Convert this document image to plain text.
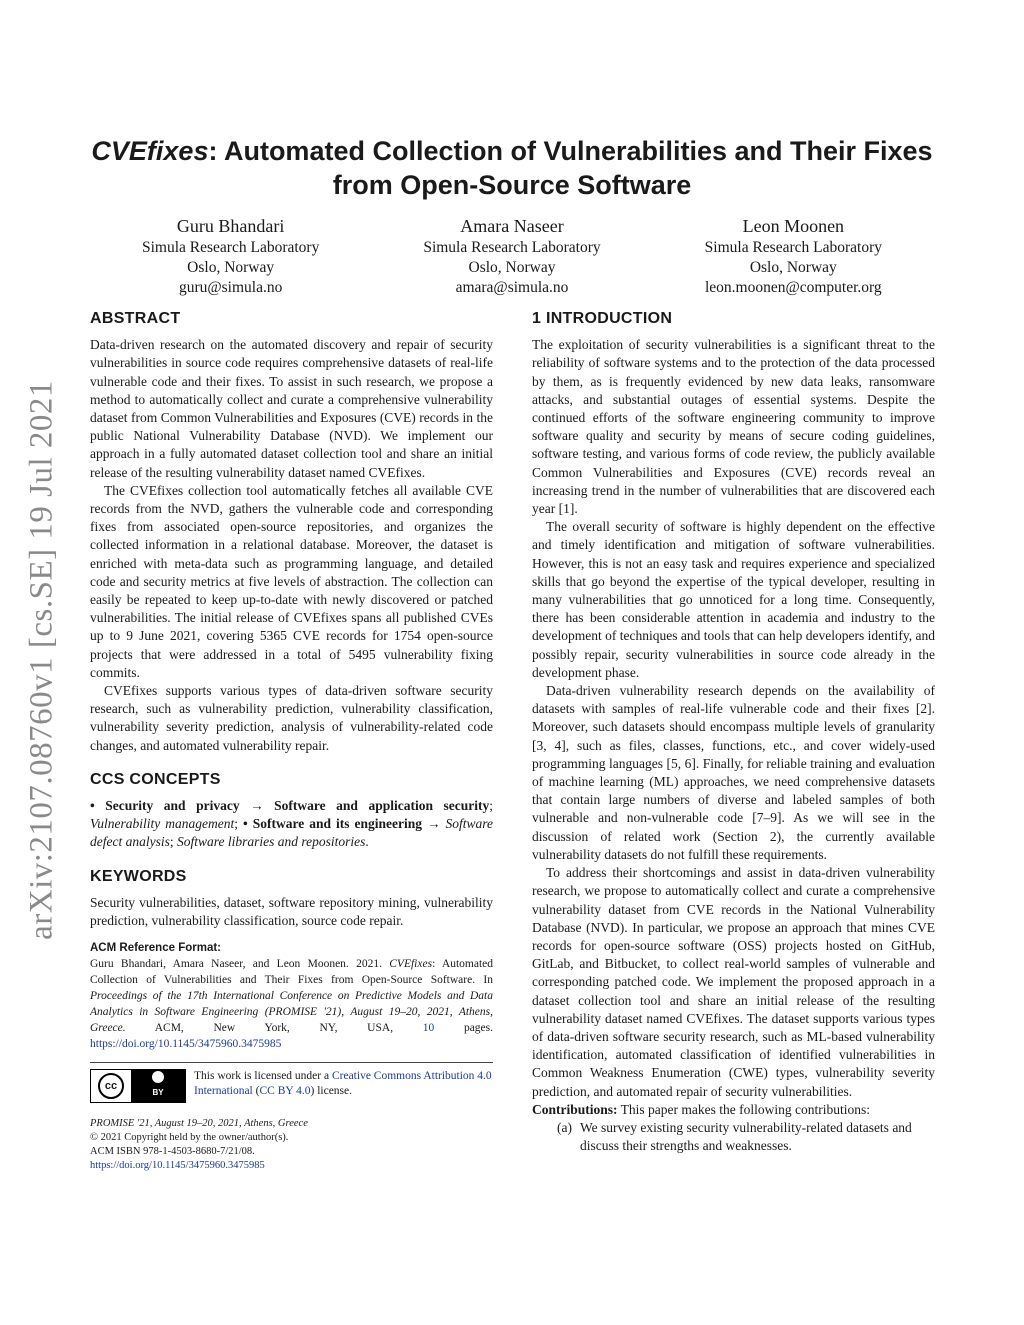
arXiv:2107.08760v1 [cs.SE] 19 Jul 2021
CVEfixes: Automated Collection of Vulnerabilities and Their Fixes from Open-Source Software
Guru Bhandari
Simula Research Laboratory
Oslo, Norway
guru@simula.no
Amara Naseer
Simula Research Laboratory
Oslo, Norway
amara@simula.no
Leon Moonen
Simula Research Laboratory
Oslo, Norway
leon.moonen@computer.org
ABSTRACT

Data-driven research on the automated discovery and repair of security vulnerabilities in source code requires comprehensive datasets of real-life vulnerable code and their fixes. To assist in such research, we propose a method to automatically collect and curate a comprehensive vulnerability dataset from Common Vulnerabilities and Exposures (CVE) records in the public National Vulnerability Database (NVD). We implement our approach in a fully automated dataset collection tool and share an initial release of the resulting vulnerability dataset named CVEfixes.

The CVEfixes collection tool automatically fetches all available CVE records from the NVD, gathers the vulnerable code and corresponding fixes from associated open-source repositories, and organizes the collected information in a relational database. Moreover, the dataset is enriched with meta-data such as programming language, and detailed code and security metrics at five levels of abstraction. The collection can easily be repeated to keep up-to-date with newly discovered or patched vulnerabilities. The initial release of CVEfixes spans all published CVEs up to 9 June 2021, covering 5365 CVE records for 1754 open-source projects that were addressed in a total of 5495 vulnerability fixing commits.

CVEfixes supports various types of data-driven software security research, such as vulnerability prediction, vulnerability classification, vulnerability severity prediction, analysis of vulnerability-related code changes, and automated vulnerability repair.

CCS CONCEPTS

• Security and privacy → Software and application security; Vulnerability management; • Software and its engineering → Software defect analysis; Software libraries and repositories.

KEYWORDS

Security vulnerabilities, dataset, software repository mining, vulnerability prediction, vulnerability classification, source code repair.

ACM Reference Format:

Guru Bhandari, Amara Naseer, and Leon Moonen. 2021. CVEfixes: Automated Collection of Vulnerabilities and Their Fixes from Open-Source Software. In Proceedings of the 17th International Conference on Predictive Models and Data Analytics in Software Engineering (PROMISE '21), August 19–20, 2021, Athens, Greece.	ACM, New York, NY, USA,	10	pages. https://doi.org/10.1145/3475960.3475985

cc	BY
This work is licensed under a Creative Commons Attribution 4.0 International (CC BY 4.0) license.
PROMISE '21, August 19–20, 2021, Athens, Greece
© 2021 Copyright held by the owner/author(s).
ACM ISBN 978-1-4503-8680-7/21/08.
https://doi.org/10.1145/3475960.3475985
1 INTRODUCTION

The exploitation of security vulnerabilities is a significant threat to the reliability of software systems and to the protection of the data processed by them, as is frequently evidenced by new data leaks, ransomware attacks, and substantial outages of essential systems. Despite the continued efforts of the software engineering community to improve software quality and security by means of secure coding guidelines, software testing, and various forms of code review, the publicly available Common Vulnerabilities and Exposures (CVE) records reveal an increasing trend in the number of vulnerabilities that are discovered each year [1].

The overall security of software is highly dependent on the effective and timely identification and mitigation of software vulnerabilities. However, this is not an easy task and requires experience and specialized skills that go beyond the expertise of the typical developer, resulting in many vulnerabilities that go unnoticed for a long time. Consequently, there has been considerable attention in academia and industry to the development of techniques and tools that can help developers identify, and possibly repair, security vulnerabilities in source code already in the development phase.

Data-driven vulnerability research depends on the availability of datasets with samples of real-life vulnerable code and their fixes [2]. Moreover, such datasets should encompass multiple levels of granularity [3, 4], such as files, classes, functions, etc., and cover widely-used programming languages [5, 6]. Finally, for reliable training and evaluation of machine learning (ML) approaches, we need comprehensive datasets that contain large numbers of diverse and labeled samples of both vulnerable and non-vulnerable code [7–9]. As we will see in the discussion of related work (Section 2), the currently available vulnerability datasets do not fulfill these requirements.

To address their shortcomings and assist in data-driven vulnerability research, we propose to automatically collect and curate a comprehensive vulnerability dataset from CVE records in the National Vulnerability Database (NVD). In particular, we propose an approach that mines CVE records for open-source software (OSS) projects hosted on GitHub, GitLab, and Bitbucket, to collect real-world samples of vulnerable and corresponding patched code. We implement the proposed approach in a dataset collection tool and share an initial release of the resulting vulnerability dataset named CVEfixes. The dataset supports various types of data-driven software security research, such as ML-based vulnerability identification, automated classification of identified vulnerabilities in Common Weakness Enumeration (CWE) types, vulnerability severity prediction, and automated repair of security vulnerabilities.

Contributions: This paper makes the following contributions:

(a) We survey existing security vulnerability-related datasets and discuss their strengths and weaknesses.
